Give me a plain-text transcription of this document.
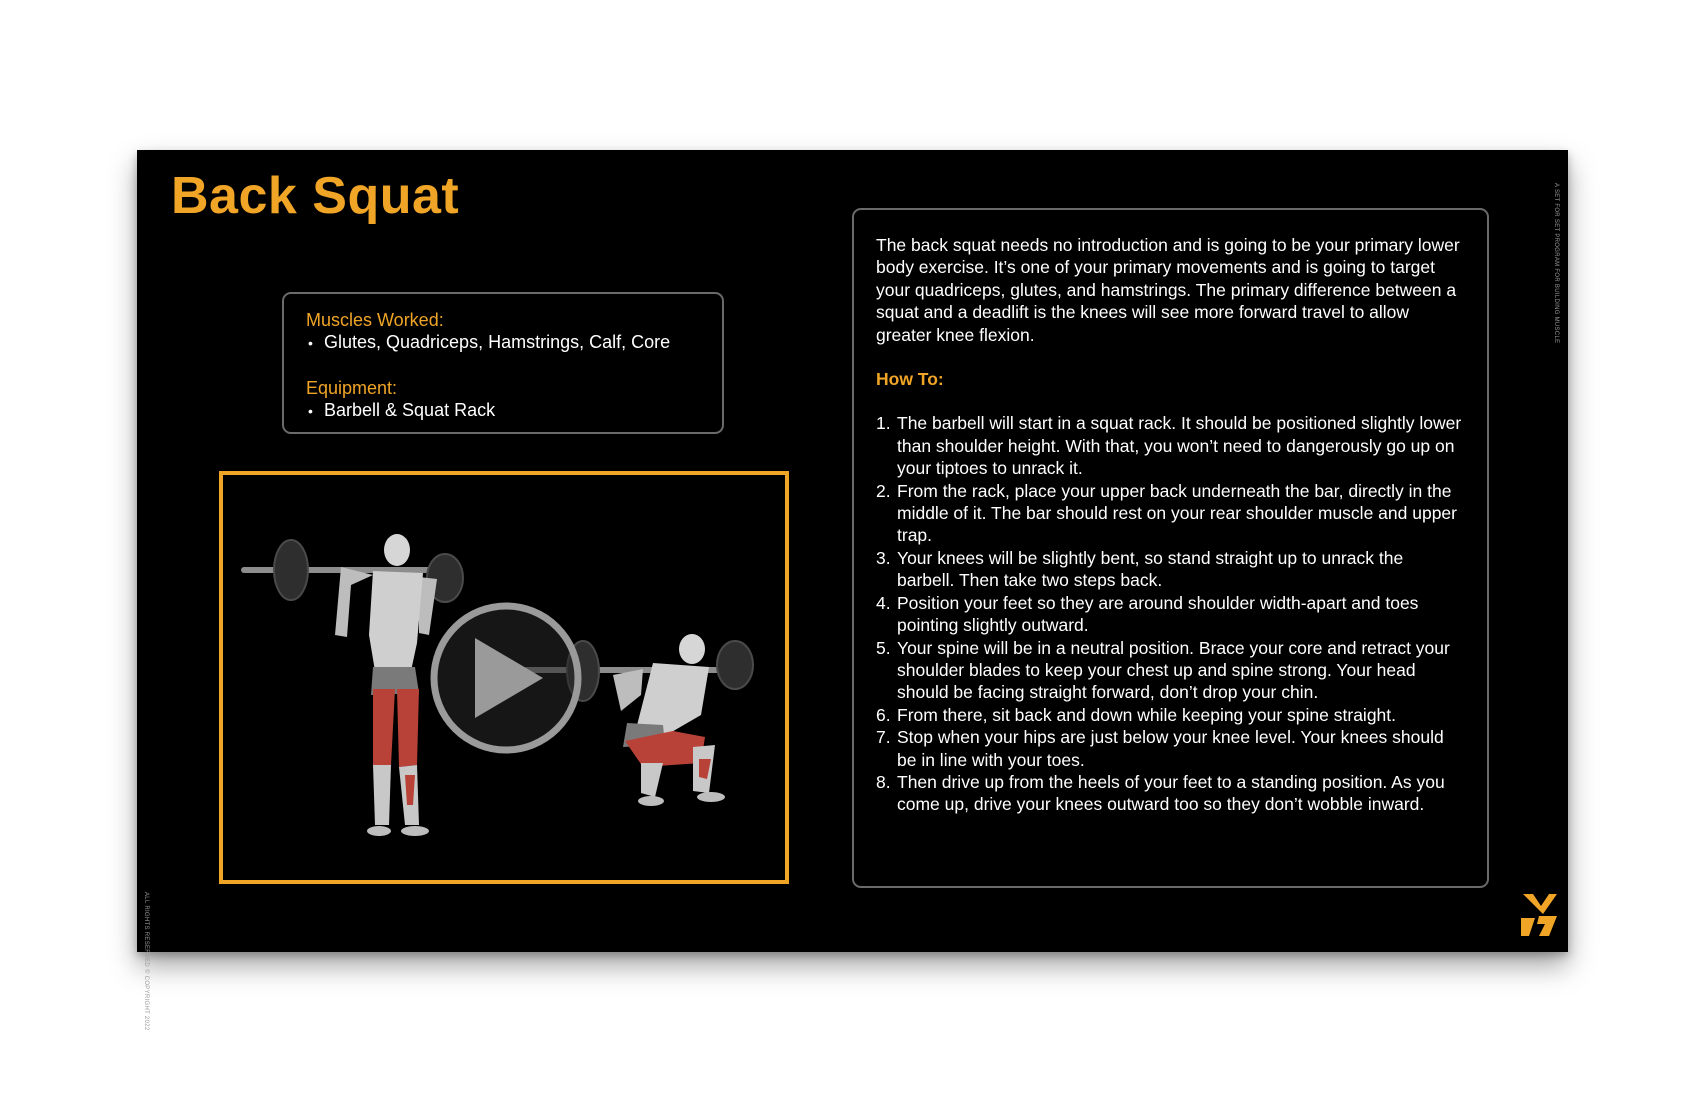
Back Squat
Muscles Worked:
• Glutes, Quadriceps, Hamstrings, Calf, Core
Equipment:
• Barbell & Squat Rack

The back squat needs no introduction and is going to be your primary lower body exercise. It’s one of your primary movements and is going to target your quadriceps, glutes, and hamstrings. The primary difference between a squat and a deadlift is the knees will see more forward travel to allow greater knee flexion.

How To:
1. The barbell will start in a squat rack. It should be positioned slightly lower than shoulder height. With that, you won’t need to dangerously go up on your tiptoes to unrack it.
2. From the rack, place your upper back underneath the bar, directly in the middle of it. The bar should rest on your rear shoulder muscle and upper trap.
3. Your knees will be slightly bent, so stand straight up to unrack the barbell. Then take two steps back.
4. Position your feet so they are around shoulder width-apart and toes pointing slightly outward.
5. Your spine will be in a neutral position. Brace your core and retract your shoulder blades to keep your chest up and spine strong. Your head should be facing straight forward, don’t drop your chin.
6. From there, sit back and down while keeping your spine straight.
7. Stop when your hips are just below your knee level. Your knees should be in line with your toes.
8. Then drive up from the heels of your feet to a standing position. As you come up, drive your knees outward too so they don’t wobble inward.
A SET FOR SET PROGRAM FOR BUILDING MUSCLE
ALL RIGHTS RESERVED © COPYRIGHT 2022
